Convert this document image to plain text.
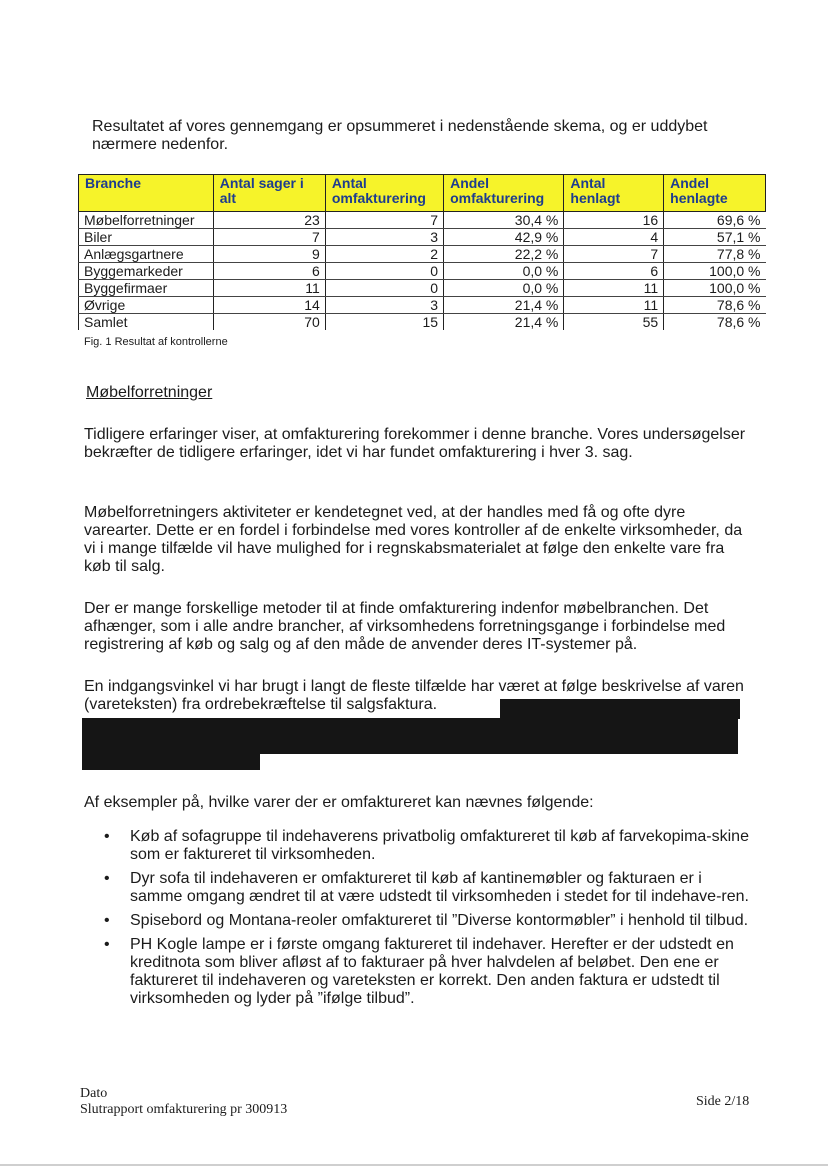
Resultatet af vores gennemgang er opsummeret i nedenstående skema, og er uddybet nærmere nedenfor.

Branche	Antal sager i alt	Antal omfakturering	Andel omfakturering	Antal henlagt	Andel henlagte
Møbelforretninger	23	7	30,4 %	16	69,6 %
Biler	7	3	42,9 %	4	57,1 %
Anlægsgartnere	9	2	22,2 %	7	77,8 %
Byggemarkeder	6	0	0,0 %	6	100,0 %
Byggefirmaer	11	0	0,0 %	11	100,0 %
Øvrige	14	3	21,4 %	11	78,6 %
Samlet	70	15	21,4 %	55	78,6 %
Fig. 1 Resultat af kontrollerne
Møbelforretninger

Tidligere erfaringer viser, at omfakturering forekommer i denne branche. Vores undersøgelser bekræfter de tidligere erfaringer, idet vi har fundet omfakturering i hver 3. sag.

Møbelforretningers aktiviteter er kendetegnet ved, at der handles med få og ofte dyre varearter. Dette er en fordel i forbindelse med vores kontroller af de enkelte virksomheder, da vi i mange tilfælde vil have mulighed for i regnskabsmaterialet at følge den enkelte vare fra køb til salg.

Der er mange forskellige metoder til at finde omfakturering indenfor møbelbranchen. Det afhænger, som i alle andre brancher, af virksomhedens forretningsgange i forbindelse med registrering af køb og salg og af den måde de anvender deres IT-systemer på.

En indgangsvinkel vi har brugt i langt de fleste tilfælde har været at følge beskrivelse af varen (vareteksten) fra ordrebekræftelse til salgsfaktura.

Af eksempler på, hvilke varer der er omfaktureret kan nævnes følgende:

• Køb af sofagruppe til indehaverens privatbolig omfaktureret til køb af farvekopima-skine som er faktureret til virksomheden.
• Dyr sofa til indehaveren er omfaktureret til køb af kantinemøbler og fakturaen er i samme omgang ændret til at være udstedt til virksomheden i stedet for til indehave-ren.
• Spisebord og Montana-reoler omfaktureret til ”Diverse kontormøbler” i henhold til tilbud.
• PH Kogle lampe er i første omgang faktureret til indehaver. Herefter er der udstedt en kreditnota som bliver afløst af to fakturaer på hver halvdelen af beløbet. Den ene er faktureret til indehaveren og vareteksten er korrekt. Den anden faktura er udstedt til virksomheden og lyder på ”ifølge tilbud”.
Dato
Slutrapport omfakturering pr 300913
Side 2/18
